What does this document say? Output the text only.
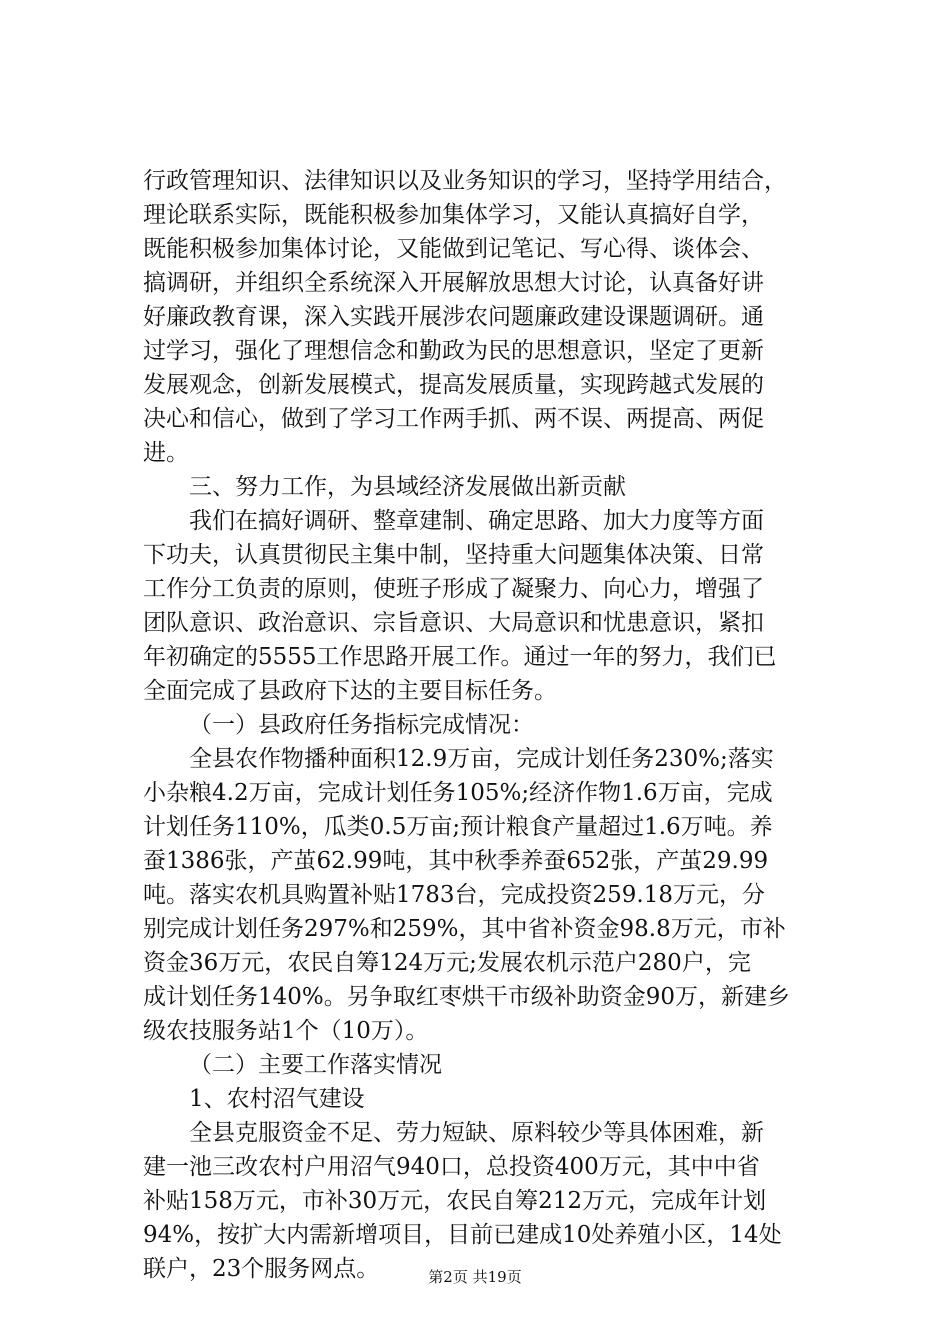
行政管理知识、法律知识以及业务知识的学习，坚持学用结合，
理论联系实际，既能积极参加集体学习，又能认真搞好自学，
既能积极参加集体讨论，又能做到记笔记、写心得、谈体会、
搞调研，并组织全系统深入开展解放思想大讨论，认真备好讲
好廉政教育课，深入实践开展涉农问题廉政建设课题调研。通
过学习，强化了理想信念和勤政为民的思想意识，坚定了更新
发展观念，创新发展模式，提高发展质量，实现跨越式发展的
决心和信心，做到了学习工作两手抓、两不误、两提高、两促
进。
三、努力工作，为县域经济发展做出新贡献
我们在搞好调研、整章建制、确定思路、加大力度等方面
下功夫，认真贯彻民主集中制，坚持重大问题集体决策、日常
工作分工负责的原则，使班子形成了凝聚力、向心力，增强了
团队意识、政治意识、宗旨意识、大局意识和忧患意识，紧扣
年初确定的5555工作思路开展工作。通过一年的努力，我们已
全面完成了县政府下达的主要目标任务。
（一）县政府任务指标完成情况：
全县农作物播种面积12.9万亩，完成计划任务230%;落实
小杂粮4.2万亩，完成计划任务105%;经济作物1.6万亩，完成
计划任务110%，瓜类0.5万亩;预计粮食产量超过1.6万吨。养
蚕1386张，产茧62.99吨，其中秋季养蚕652张，产茧29.99
吨。落实农机具购置补贴1783台，完成投资259.18万元，分
别完成计划任务297%和259%，其中省补资金98.8万元，市补
资金36万元，农民自筹124万元;发展农机示范户280户，完
成计划任务140%。另争取红枣烘干市级补助资金90万，新建乡
级农技服务站1个（10万）。
（二）主要工作落实情况
1、农村沼气建设
全县克服资金不足、劳力短缺、原料较少等具体困难，新
建一池三改农村户用沼气940口，总投资400万元，其中中省
补贴158万元，市补30万元，农民自筹212万元，完成年计划
94%，按扩大内需新增项目，目前已建成10处养殖小区，14处
联户，23个服务网点。	第2页 共19页
